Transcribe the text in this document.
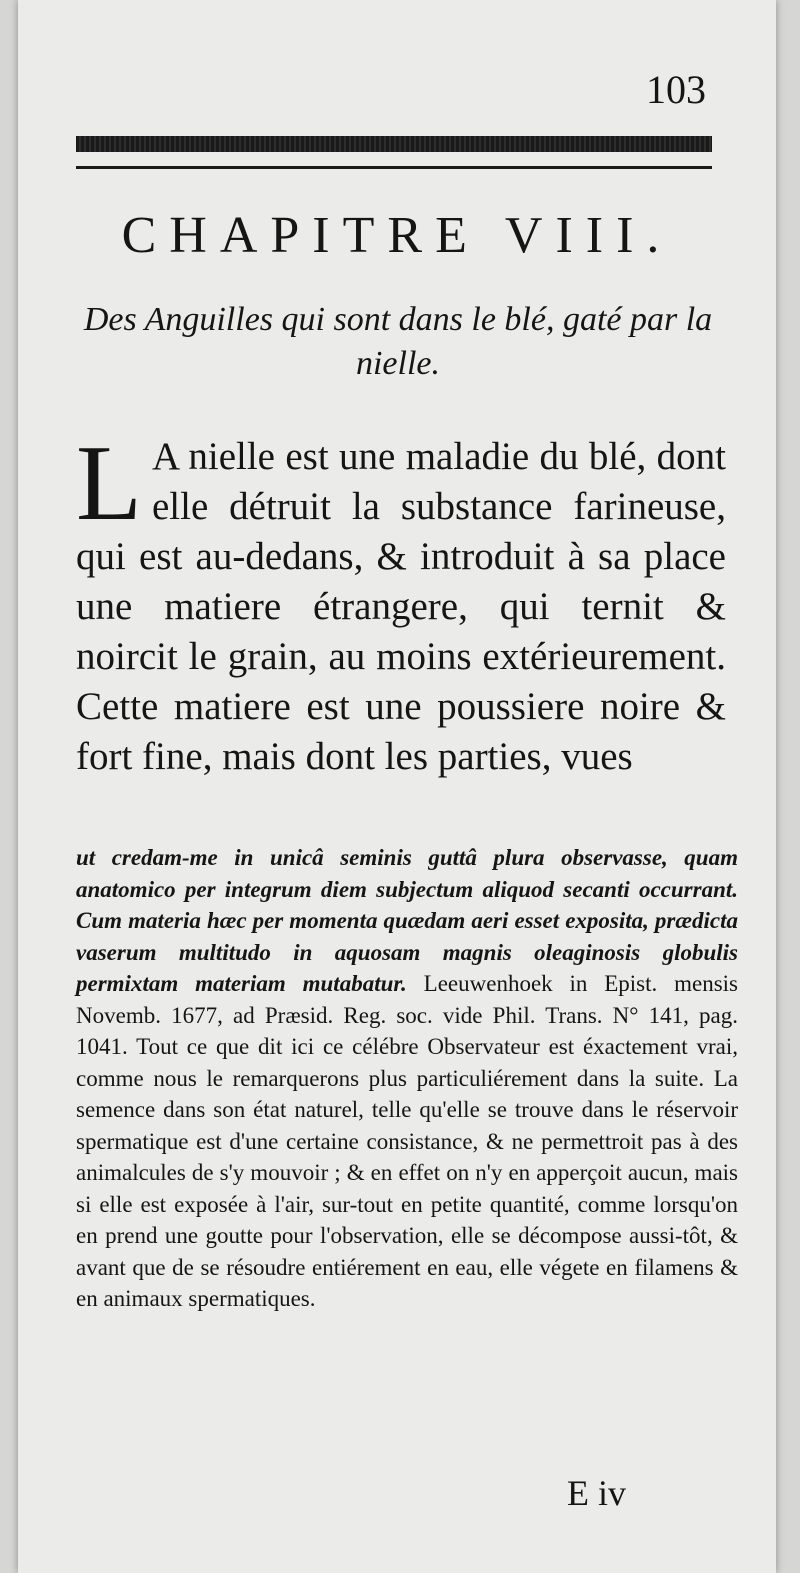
103
CHAPITRE VIII.
Des Anguilles qui sont dans le blé, gaté par la nielle.
L A nielle est une maladie du blé, dont elle détruit la substance farineuse, qui est au-dedans, & introduit à sa place une matiere étrangere, qui ternit & noircit le grain, au moins extérieurement. Cette matiere est une poussiere noire & fort fine, mais dont les parties, vues
ut credam-me in unicâ seminis guttâ plura observasse, quam anatomico per integrum diem subjectum aliquod secanti occurrant. Cum materia hæc per momenta quædam aeri esset exposita, prædicta vaserum multitudo in aquosam magnis oleaginosis globulis permixtam materiam mutabatur. Leeuwenhoek in Epist. mensis Novemb. 1677, ad Præsid. Reg. soc. vide Phil. Trans. N° 141, pag. 1041. Tout ce que dit ici ce célébre Observateur est éxactement vrai, comme nous le remarquerons plus particuliérement dans la suite. La semence dans son état naturel, telle qu'elle se trouve dans le réservoir spermatique est d'une certaine consistance, & ne permettroit pas à des animalcules de s'y mouvoir ; & en effet on n'y en apperçoit aucun, mais si elle est exposée à l'air, sur-tout en petite quantité, comme lorsqu'on en prend une goutte pour l'observation, elle se décompose aussi-tôt, & avant que de se résoudre entiérement en eau, elle végete en filamens & en animaux spermatiques.
E iv
